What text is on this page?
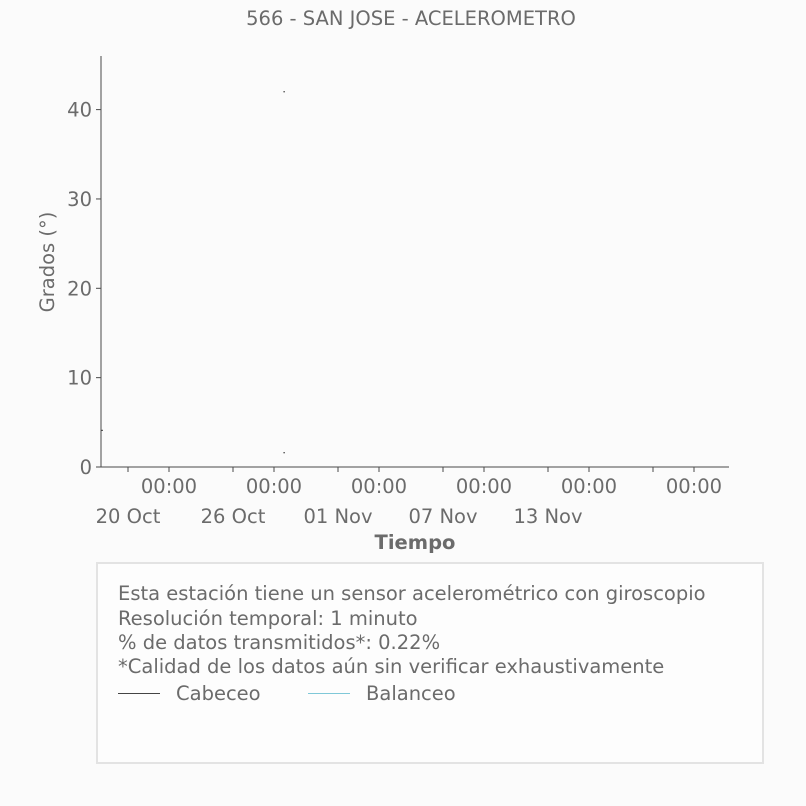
566 - SAN JOSE - ACELEROMETRO
0
10
20
30
40
00:00
20 Oct
00:00
26 Oct
00:00
01 Nov
00:00
07 Nov
00:00
13 Nov
00:00
Grados (°)
Tiempo
Esta estación tiene un sensor acelerométrico con giroscopio
Resolución temporal: 1 minuto
% de datos transmitidos*: 0.22%
*Calidad de los datos aún sin verificar exhaustivamente
Cabeceo	Balanceo
